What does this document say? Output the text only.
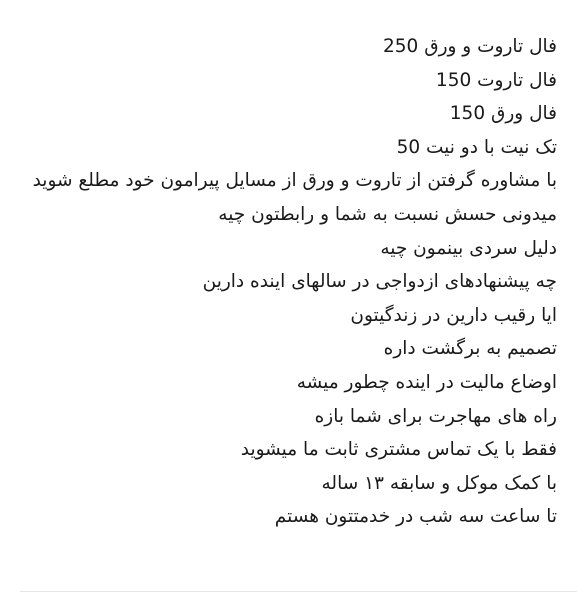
فال تاروت و ورق 250

فال تاروت 150

فال ورق 150

تک نیت با دو نیت 50

با مشاوره گرفتن از تاروت و ورق از مسایل پیرامون خود مطلع شوید

میدونی حسش نسبت به شما و رابطتون چیه

دلیل سردی بینمون چیه

چه پیشنهادهای ازدواجی در سالهای اینده دارین

ایا رقیب دارین در زندگیتون

تصمیم به برگشت داره

اوضاع مالیت در اینده چطور میشه

راه های مهاجرت برای شما بازه

فقط با یک تماس مشتری ثابت ما میشوید

با کمک موکل و سابقه ۱۳ ساله

تا ساعت سه شب در خدمتتون هستم
